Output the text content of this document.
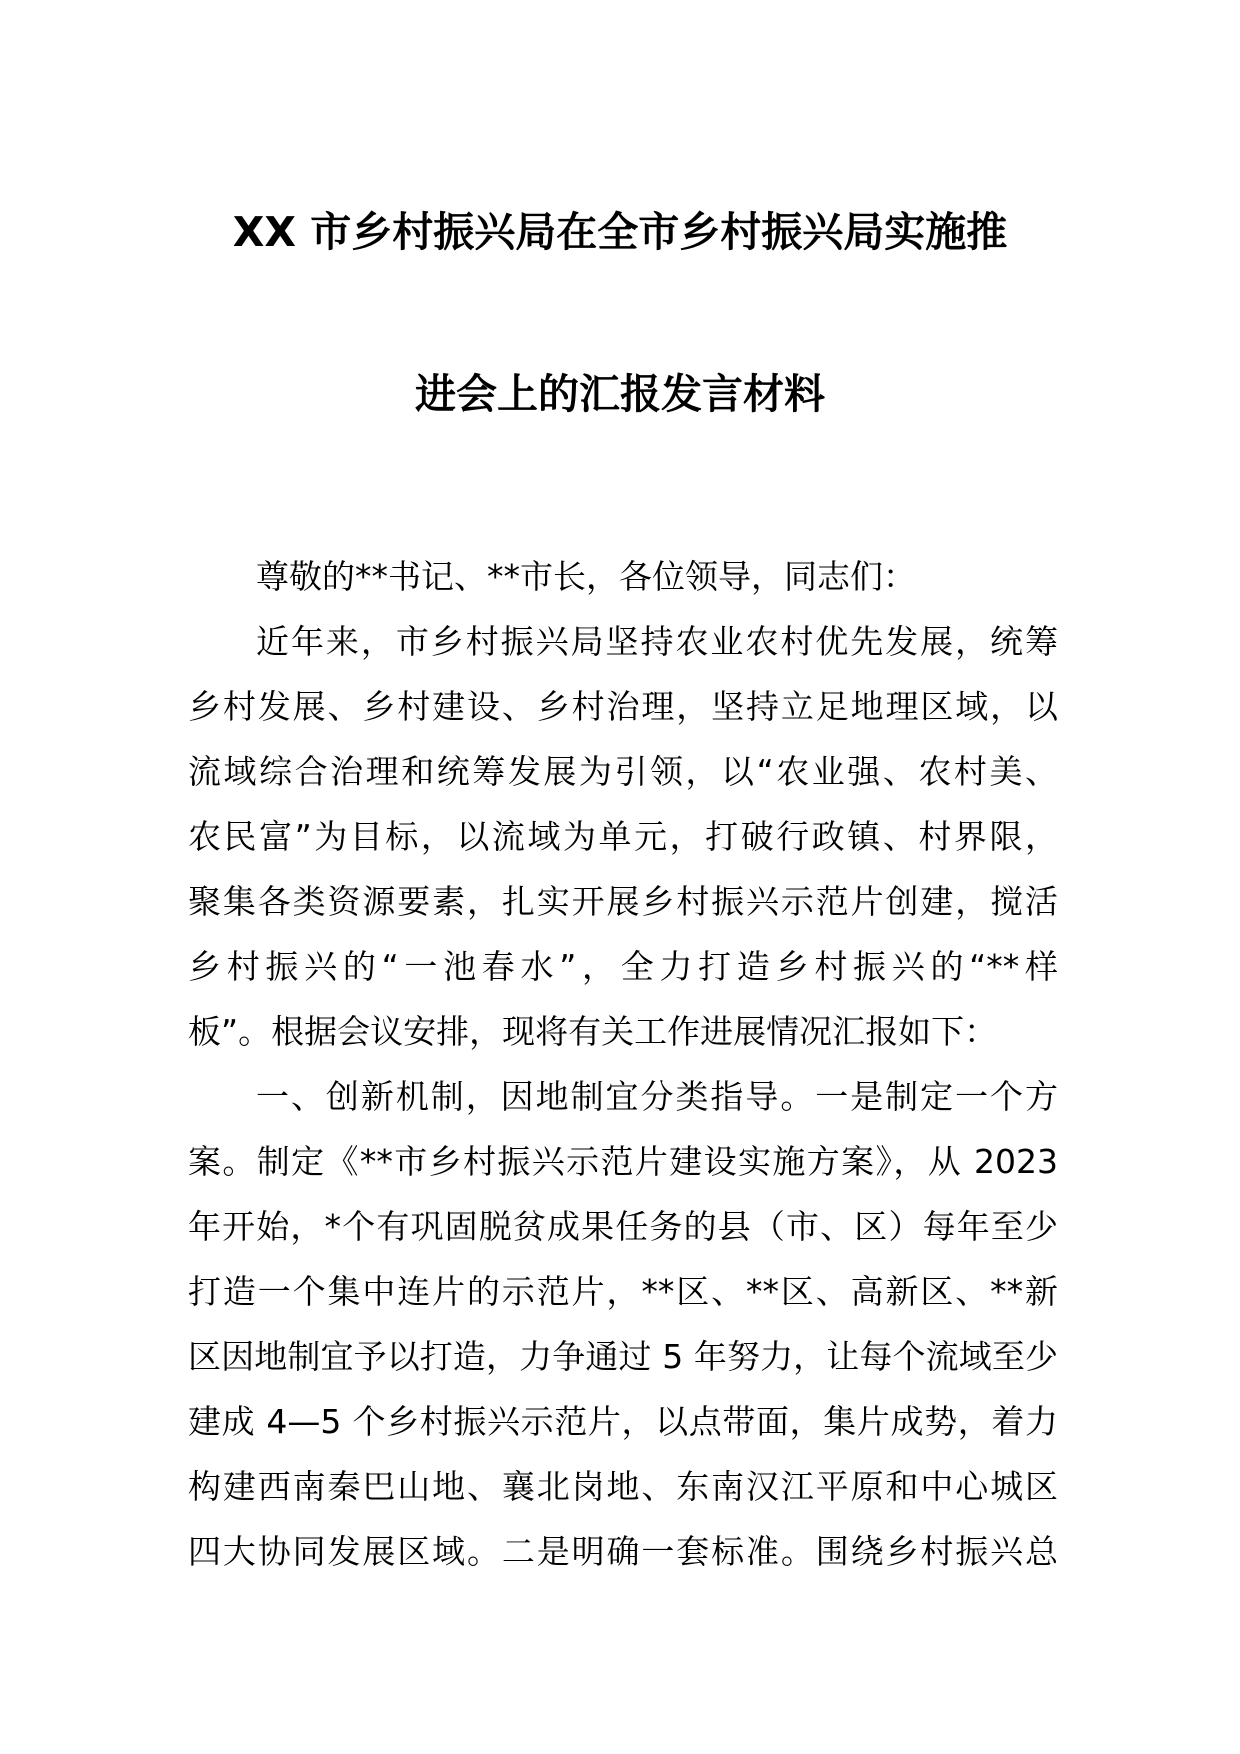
XX 市乡村振兴局在全市乡村振兴局实施推
进会上的汇报发言材料
尊敬的**书记、**市长，各位领导，同志们：
近年来，市乡村振兴局坚持农业农村优先发展，统筹
乡村发展、乡村建设、乡村治理，坚持立足地理区域，以
流域综合治理和统筹发展为引领，以“农业强、农村美、
农民富”为目标，以流域为单元，打破行政镇、村界限，
聚集各类资源要素，扎实开展乡村振兴示范片创建，搅活
乡村振兴的“一池春水”，全力打造乡村振兴的“**样
板”。根据会议安排，现将有关工作进展情况汇报如下：
一、创新机制，因地制宜分类指导。一是制定一个方
案。制定《**市乡村振兴示范片建设实施方案》，从 2023
年开始，*个有巩固脱贫成果任务的县（市、区）每年至少
打造一个集中连片的示范片，**区、**区、高新区、**新
区因地制宜予以打造，力争通过 5 年努力，让每个流域至少
建成 4—5 个乡村振兴示范片，以点带面，集片成势，着力
构建西南秦巴山地、襄北岗地、东南汉江平原和中心城区
四大协同发展区域。二是明确一套标准。围绕乡村振兴总
